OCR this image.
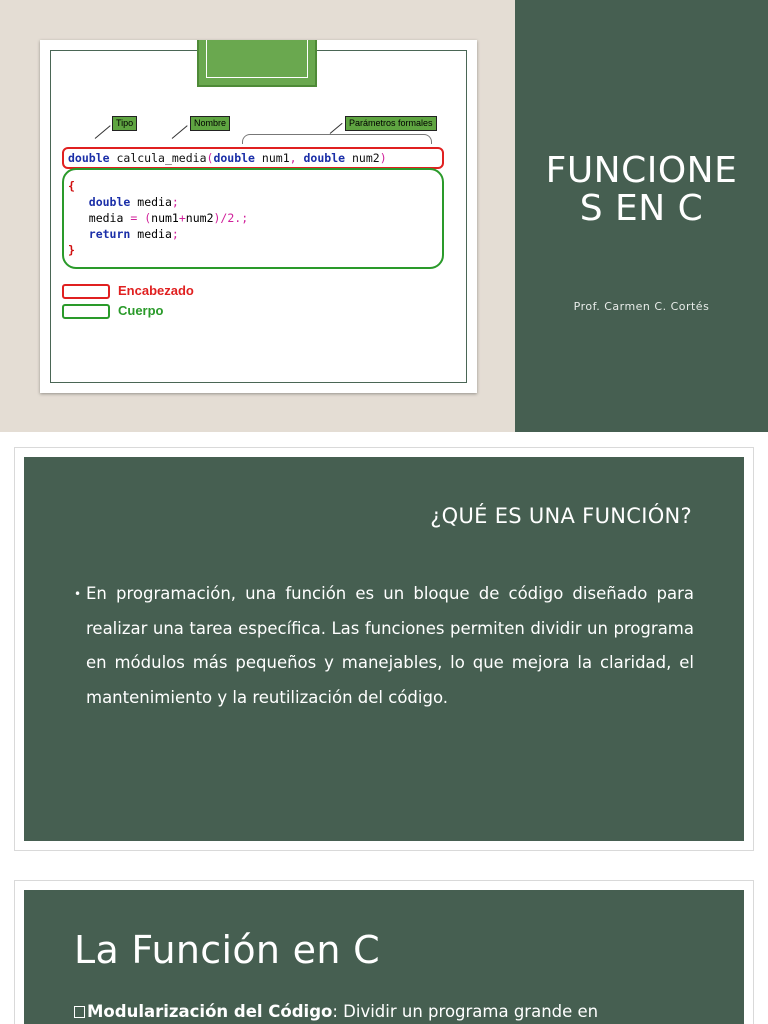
Tipo	Nombre	Parámetros formales
double calcula_media(double num1, double num2)
{
double media;
media = (num1+num2)/2.;
return media;
}
Encabezado
Cuerpo
FUNCIONE
S EN C
Prof. Carmen C. Cortés
¿QUÉ ES UNA FUNCIÓN?
• En programación, una función es un bloque de código diseñado para realizar una tarea específica. Las funciones permiten dividir un programa en módulos más pequeños y manejables, lo que mejora la claridad, el mantenimiento y la reutilización del código.
La Función en C
Modularización del Código: Dividir un programa grande en
